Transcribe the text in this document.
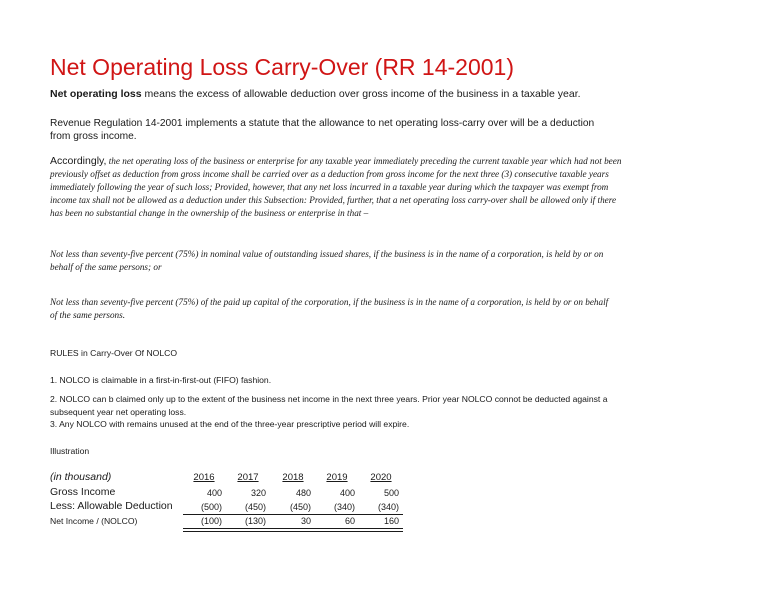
Net Operating Loss Carry-Over (RR 14-2001)
Net operating loss means the excess of allowable deduction over gross income of the business in a taxable year.
Revenue Regulation 14-2001 implements a statute that the allowance to net operating loss-carry over will be a deduction from gross income.
Accordingly, the net operating loss of the business or enterprise for any taxable year immediately preceding the current taxable year which had not been previously offset as deduction from gross income shall be carried over as a deduction from gross income for the next three (3) consecutive taxable years immediately following the year of such loss; Provided, however, that any net loss incurred in a taxable year during which the taxpayer was exempt from income tax shall not be allowed as a deduction under this Subsection: Provided, further, that a net operating loss carry-over shall be allowed only if there has been no substantial change in the ownership of the business or enterprise in that –
Not less than seventy-five percent (75%) in nominal value of outstanding issued shares, if the business is in the name of a corporation, is held by or on behalf of the same persons; or
Not less than seventy-five percent (75%) of the paid up capital of the corporation, if the business is in the name of a corporation, is held by or on behalf of the same persons.
RULES in Carry-Over Of NOLCO
1. NOLCO is claimable in a first-in-first-out (FIFO) fashion.
2. NOLCO can b claimed only up to the extent of the business net income in the next three years. Prior year NOLCO connot be deducted against a subsequent year net operating loss.
3. Any NOLCO with remains unused at the end of the three-year prescriptive period will expire.
Illustration
(in thousand)	2016	2017	2018	2019	2020
Gross Income	400	320	480	400	500
Less: Allowable Deduction	(500)	(450)	(450)	(340)	(340)
Net Income / (NOLCO)	(100)	(130)	30	60	160
